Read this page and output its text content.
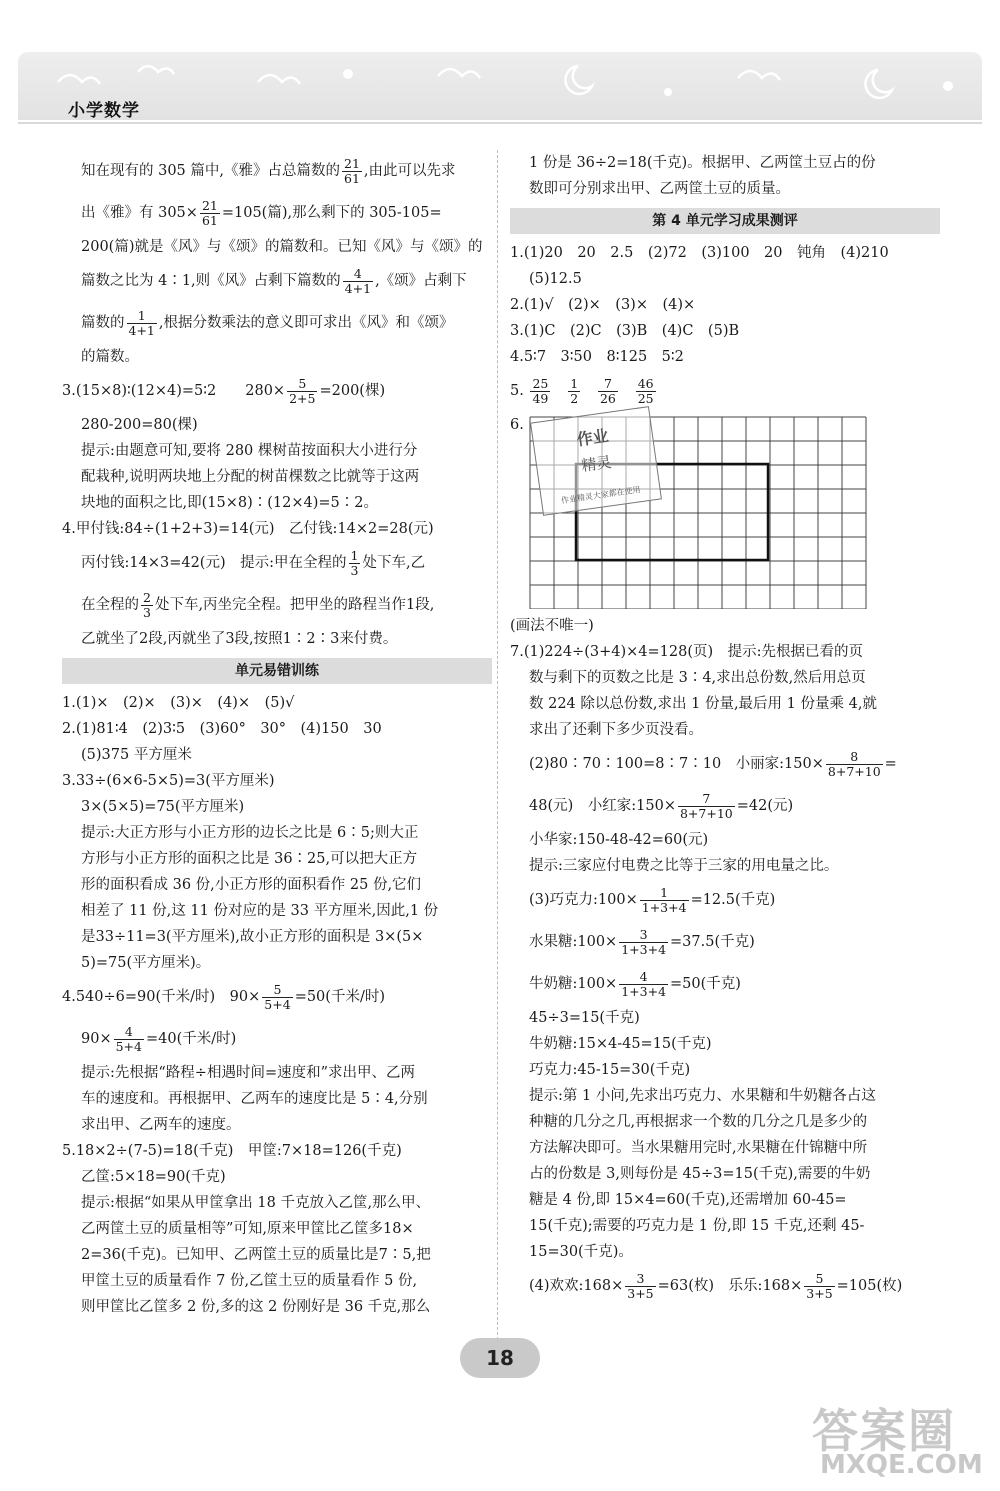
小学数学
知在现有的 305 篇中,《雅》占总篇数的 $\frac{21}{61}$ ,由此可以先求
出《雅》有 $305\times \frac{21}{61} =105$(篇),那么剩下的 305-105=
200(篇)就是《风》与《颂》的篇数和。已知《风》与《颂》的
篇数之比为 4∶1,则《风》占剩下篇数的 $\frac{4}{4+1}$ ,《颂》占剩下
篇数的 $\frac{1}{4+1}$ ,根据分数乘法的意义即可求出《风》和《颂》
的篇数。
3.(15×8)∶(12×4)=5∶2　　$280\times \frac{5}{2+5} =200$(棵)
280-200=80(棵)
提示:由题意可知,要将 280 棵树苗按面积大小进行分
配栽种,说明两块地上分配的树苗棵数之比就等于这两
块地的面积之比,即(15×8)∶(12×4)=5∶2。
4.甲付钱:84÷(1+2+3)=14(元)　乙付钱:14×2=28(元)
丙付钱:14×3=42(元)　提示:甲在全程的 $\frac{1}{3}$ 处下车,乙
在全程的 $\frac{2}{3}$ 处下车,丙坐完全程。把甲坐的路程当作1段,
乙就坐了2段,丙就坐了3段,按照1∶2∶3来付费。
单元易错训练
1.(1)×　(2)×　(3)×　(4)×　(5)√
2.(1)81∶4　(2)3∶5　(3)60°　30°　(4)150　30
(5)375 平方厘米
3.33÷(6×6-5×5)=3(平方厘米)
3×(5×5)=75(平方厘米)
提示:大正方形与小正方形的边长之比是 6∶5;则大正
方形与小正方形的面积之比是 36∶25,可以把大正方
形的面积看成 36 份,小正方形的面积看作 25 份,它们
相差了 11 份,这 11 份对应的是 33 平方厘米,因此,1 份
是33÷11=3(平方厘米),故小正方形的面积是 3×(5×
5)=75(平方厘米)。
4.540÷6=90(千米/时)　$90\times \frac{5}{5+4} =50$(千米/时)
$90\times \frac{4}{5+4} =40$(千米/时)
提示:先根据“路程÷相遇时间=速度和”求出甲、乙两
车的速度和。再根据甲、乙两车的速度比是 5∶4,分别
求出甲、乙两车的速度。
5.18×2÷(7-5)=18(千克)　甲筐:7×18=126(千克)
乙筐:5×18=90(千克)
提示:根据“如果从甲筐拿出 18 千克放入乙筐,那么甲、
乙两筐土豆的质量相等”可知,原来甲筐比乙筐多18×
2=36(千克)。已知甲、乙两筐土豆的质量比是7∶5,把
甲筐土豆的质量看作 7 份,乙筐土豆的质量看作 5 份,
则甲筐比乙筐多 2 份,多的这 2 份刚好是 36 千克,那么
1 份是 36÷2=18(千克)。根据甲、乙两筐土豆占的份
数即可分别求出甲、乙两筐土豆的质量。
第 4 单元学习成果测评
1.(1)20　20　2.5　(2)72　(3)100　20　钝角　(4)210
(5)12.5
2.(1)√　(2)×　(3)×　(4)×
3.(1)C　(2)C　(3)B　(4)C　(5)B
4.5∶7　3∶50　8∶125　5∶2
5. $\frac{25}{49}$
$\frac{1}{2}$
$\frac{7}{26}$
$\frac{46}{25}$
6.
作业
精灵
作业精灵大家都在使用
(画法不唯一)
7.(1)224÷(3+4)×4=128(页)　提示:先根据已看的页
数与剩下的页数之比是 3∶4,求出总份数,然后用总页
数 224 除以总份数,求出 1 份量,最后用 1 份量乘 4,就
求出了还剩下多少页没看。
(2)80∶70∶100=8∶7∶10　小丽家:150× $\frac{8}{8+7+10}$ =
48(元)　小红家:150× $\frac{7}{8+7+10} =42$(元)
小华家:150-48-42=60(元)
提示:三家应付电费之比等于三家的用电量之比。
(3)巧克力:100× $\frac{1}{1+3+4} =12.5$(千克)
水果糖:100× $\frac{3}{1+3+4} =37.5$(千克)
牛奶糖:100× $\frac{4}{1+3+4} =50$(千克)
45÷3=15(千克)
牛奶糖:15×4-45=15(千克)
巧克力:45-15=30(千克)
提示:第 1 小问,先求出巧克力、水果糖和牛奶糖各占这
种糖的几分之几,再根据求一个数的几分之几是多少的
方法解决即可。当水果糖用完时,水果糖在什锦糖中所
占的份数是 3,则每份是 45÷3=15(千克),需要的牛奶
糖是 4 份,即 15×4=60(千克),还需增加 60-45=
15(千克);需要的巧克力是 1 份,即 15 千克,还剩 45-
15=30(千克)。
(4)欢欢:168× $\frac{3}{3+5} =63$(枚)　乐乐:168× $\frac{5}{3+5} =105$(枚)
18
答案圈
MXQE.COM
